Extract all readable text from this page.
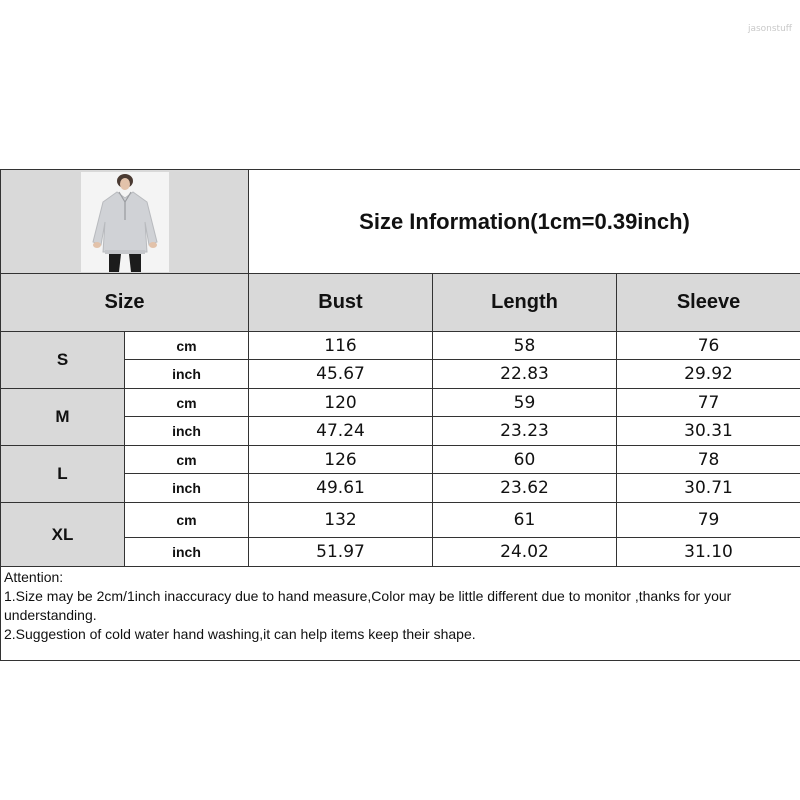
jasonstuff
	Size Information(1cm=0.39inch)		
Size		Bust	Length	Sleeve
S	cm	116	58	76
	inch	45.67	22.83	29.92
M	cm	120	59	77
	inch	47.24	23.23	30.31
L	cm	126	60	78
	inch	49.61	23.62	30.71
XL	cm	132	61	79
	inch	51.97	24.02	31.10

Attention:
1.Size may be 2cm/1inch inaccuracy due to hand measure,Color may be little different due to monitor ,thanks for your understanding.
2.Suggestion of cold water hand washing,it can help items keep their shape.				
